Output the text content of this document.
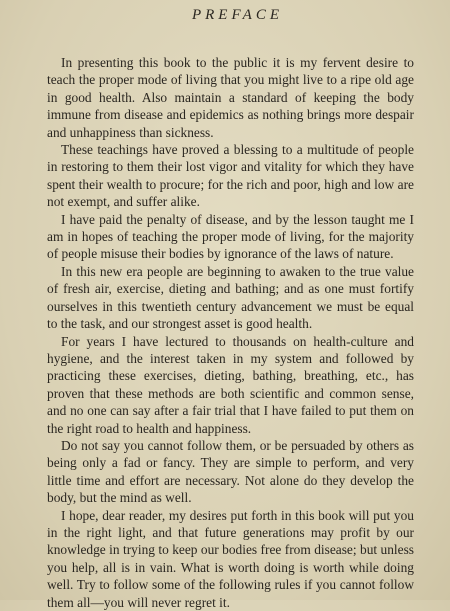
PREFACE

In presenting this book to the public it is my fervent desire to teach the proper mode of living that you might live to a ripe old age in good health. Also maintain a standard of keeping the body immune from disease and epidemics as nothing brings more despair and unhappiness than sickness.

These teachings have proved a blessing to a multitude of people in restoring to them their lost vigor and vitality for which they have spent their wealth to procure; for the rich and poor, high and low are not exempt, and suffer alike.

I have paid the penalty of disease, and by the lesson taught me I am in hopes of teaching the proper mode of living, for the majority of people misuse their bodies by ignorance of the laws of nature.

In this new era people are beginning to awaken to the true value of fresh air, exercise, dieting and bathing; and as one must fortify ourselves in this twentieth century advancement we must be equal to the task, and our strongest asset is good health.

For years I have lectured to thousands on health-culture and hygiene, and the interest taken in my system and followed by practicing these exercises, dieting, bathing, breathing, etc., has proven that these methods are both scientific and common sense, and no one can say after a fair trial that I have failed to put them on the right road to health and happiness.

Do not say you cannot follow them, or be persuaded by others as being only a fad or fancy. They are simple to perform, and very little time and effort are necessary. Not alone do they develop the body, but the mind as well.

I hope, dear reader, my desires put forth in this book will put you in the right light, and that future generations may profit by our knowledge in trying to keep our bodies free from disease; but unless you help, all is in vain. What is worth doing is worth while doing well. Try to follow some of the following rules if you cannot follow them all—you will never regret it.
